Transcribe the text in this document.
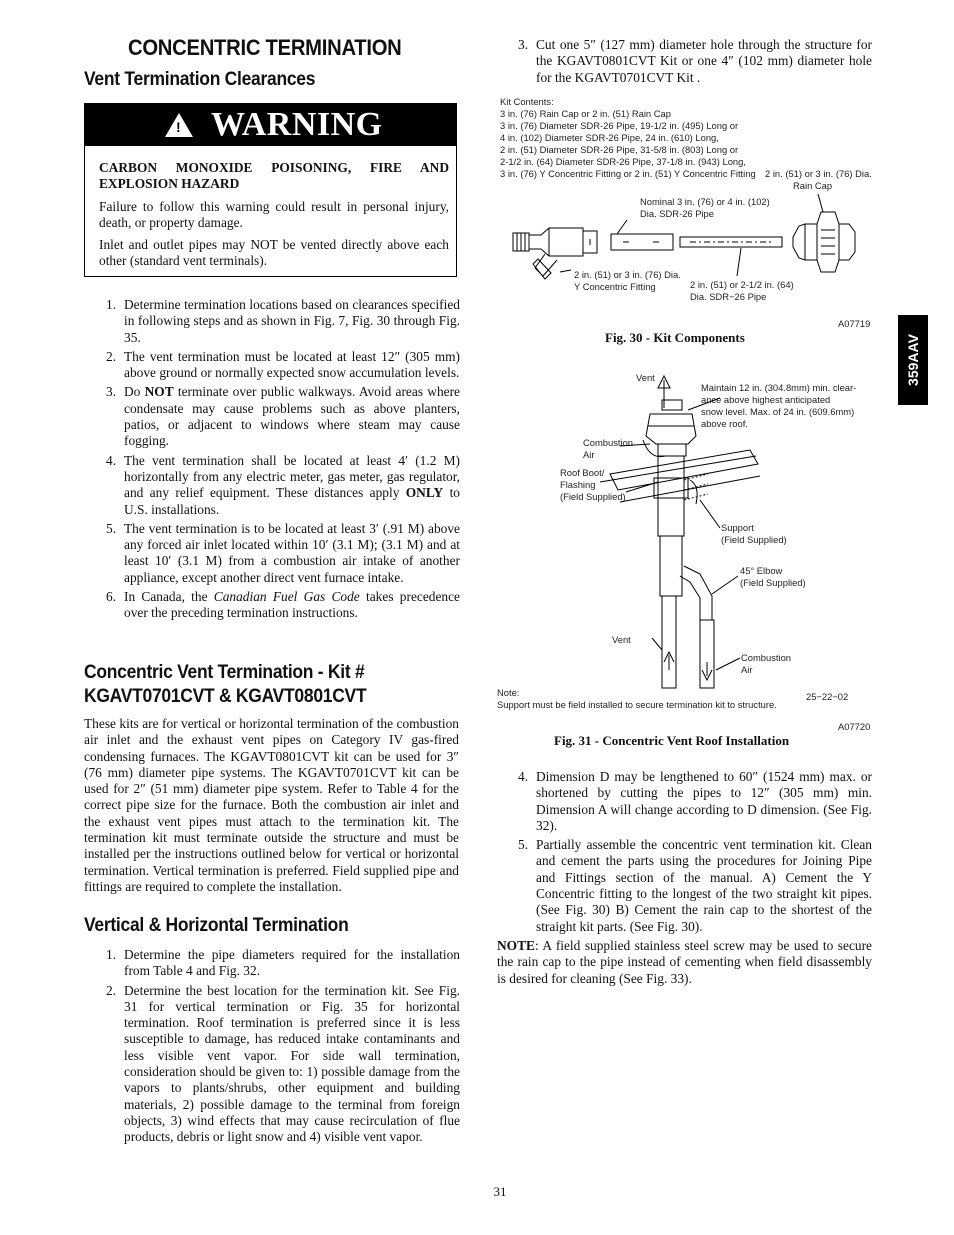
CONCENTRIC TERMINATION
Vent Termination Clearances
! WARNING

CARBON MONOXIDE POISONING, FIRE AND EXPLOSION HAZARD

Failure to follow this warning could result in personal injury, death, or property damage.

Inlet and outlet pipes may NOT be vented directly above each other (standard vent terminals).

1. Determine termination locations based on clearances specified in following steps and as shown in Fig. 7, Fig. 30 through Fig. 35.
2. The vent termination must be located at least 12″ (305 mm) above ground or normally expected snow accumulation levels.
3. Do NOT terminate over public walkways. Avoid areas where condensate may cause problems such as above planters, patios, or adjacent to windows where steam may cause fogging.
4. The vent termination shall be located at least 4′ (1.2 M) horizontally from any electric meter, gas meter, gas regulator, and any relief equipment. These distances apply ONLY to U.S. installations.
5. The vent termination is to be located at least 3′ (.91 M) above any forced air inlet located within 10′ (3.1 M); (3.1 M) and at least 10′ (3.1 M) from a combustion air intake of another appliance, except another direct vent furnace intake.
6. In Canada, the Canadian Fuel Gas Code takes precedence over the preceding termination instructions.
Concentric Vent Termination - Kit #
KGAVT0701CVT & KGAVT0801CVT
These kits are for vertical or horizontal termination of the combustion air inlet and the exhaust vent pipes on Category IV gas-fired condensing furnaces. The KGAVT0801CVT kit can be used for 3″ (76 mm) diameter pipe systems. The KGAVT0701CVT kit can be used for 2″ (51 mm) diameter pipe system. Refer to Table 4 for the correct pipe size for the furnace. Both the combustion air inlet and the exhaust vent pipes must attach to the termination kit. The termination kit must terminate outside the structure and must be installed per the instructions outlined below for vertical or horizontal termination. Vertical termination is preferred. Field supplied pipe and fittings are required to complete the installation.
Vertical & Horizontal Termination
1. Determine the pipe diameters required for the installation from Table 4 and Fig. 32.
2. Determine the best location for the termination kit. See Fig. 31 for vertical termination or Fig. 35 for horizontal termination. Roof termination is preferred since it is less susceptible to damage, has reduced intake contaminants and less visible vent vapor. For side wall termination, consideration should be given to: 1) possible damage from the vapors to plants/shrubs, other equipment and building materials, 2) possible damage to the terminal from foreign objects, 3) wind effects that may cause recirculation of flue products, debris or light snow and 4) visible vent vapor.
3. Cut one 5″ (127 mm) diameter hole through the structure for the KGAVT0801CVT Kit or one 4″ (102 mm) diameter hole for the KGAVT0701CVT Kit .
Kit Contents:
3 in. (76) Rain Cap or 2 in. (51) Rain Cap
3 in. (76) Diameter SDR-26 Pipe, 19-1/2 in. (495) Long or
4 in. (102) Diameter SDR-26 Pipe, 24 in. (610) Long,
2 in. (51) Diameter SDR-26 Pipe, 31-5/8 in. (803) Long or
2-1/2 in. (64) Diameter SDR-26 Pipe, 37-1/8 in. (943) Long,
3 in. (76) Y Concentric Fitting or 2 in. (51) Y Concentric Fitting 2 in. (51) or 3 in. (76) Dia.
Rain Cap
Nominal 3 in. (76) or 4 in. (102)
Dia. SDR-26 Pipe
2 in. (51) or 3 in. (76) Dia.
Y Concentric Fitting	2 in. (51) or 2-1/2 in. (64)
Dia. SDR−26 Pipe
A07719
Fig. 30 - Kit Components
Vent
Maintain 12 in. (304.8mm) min. clear-
ance above highest anticipated
snow level. Max. of 24 in. (609.6mm)
above roof.
Combustion
Air
Roof Boot/
Flashing
(Field Supplied)
Support
(Field Supplied)
45° Elbow
(Field Supplied)
Vent
Combustion
Air
Note:
Support must be field installed to secure termination kit to structure.
25−22−02
A07720
Fig. 31 - Concentric Vent Roof Installation
4. Dimension D may be lengthened to 60″ (1524 mm) max. or shortened by cutting the pipes to 12″ (305 mm) min. Dimension A will change according to D dimension. (See Fig. 32).
5. Partially assemble the concentric vent termination kit. Clean and cement the parts using the procedures for Joining Pipe and Fittings section of the manual. A) Cement the Y Concentric fitting to the longest of the two straight kit pipes. (See Fig. 30) B) Cement the rain cap to the shortest of the straight kit parts. (See Fig. 30).
NOTE: A field supplied stainless steel screw may be used to secure the rain cap to the pipe instead of cementing when field disassembly is desired for cleaning (See Fig. 33).
359AAV
31
